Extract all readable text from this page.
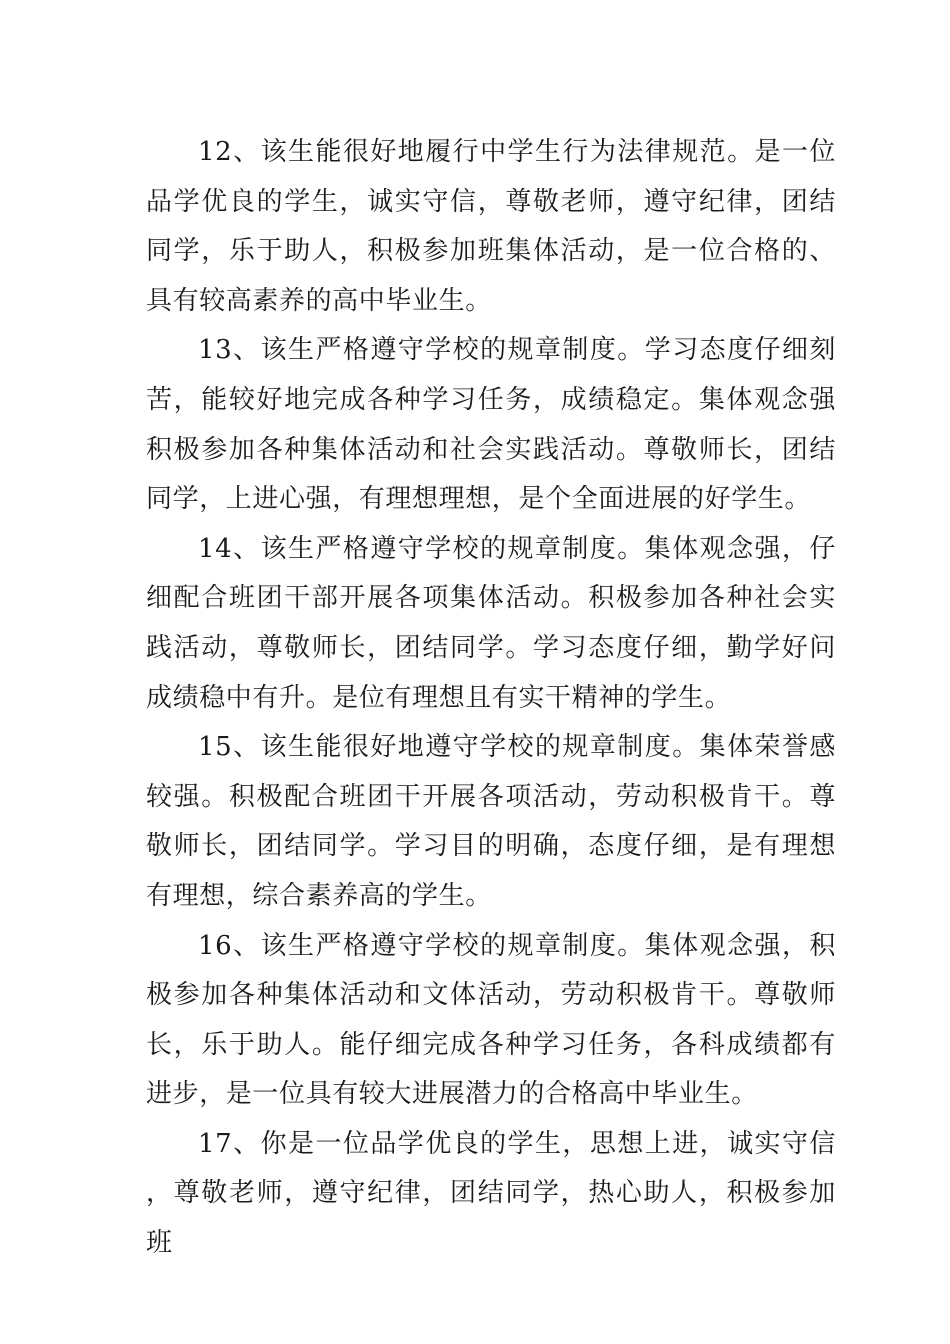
12、该生能很好地履行中学生行为法律规范。是一位品学优良的学生，诚实守信，尊敬老师，遵守纪律，团结同学，乐于助人，积极参加班集体活动，是一位合格的、具有较高素养的高中毕业生。

13、该生严格遵守学校的规章制度。学习态度仔细刻苦，能较好地完成各种学习任务，成绩稳定。集体观念强积极参加各种集体活动和社会实践活动。尊敬师长，团结同学，上进心强，有理想理想，是个全面进展的好学生。

14、该生严格遵守学校的规章制度。集体观念强，仔细配合班团干部开展各项集体活动。积极参加各种社会实践活动，尊敬师长，团结同学。学习态度仔细，勤学好问成绩稳中有升。是位有理想且有实干精神的学生。

15、该生能很好地遵守学校的规章制度。集体荣誉感较强。积极配合班团干开展各项活动，劳动积极肯干。尊敬师长，团结同学。学习目的明确，态度仔细，是有理想有理想，综合素养高的学生。

16、该生严格遵守学校的规章制度。集体观念强，积极参加各种集体活动和文体活动，劳动积极肯干。尊敬师长，乐于助人。能仔细完成各种学习任务，各科成绩都有进步，是一位具有较大进展潜力的合格高中毕业生。

17、你是一位品学优良的学生，思想上进，诚实守信，尊敬老师，遵守纪律，团结同学，热心助人，积极参加班
